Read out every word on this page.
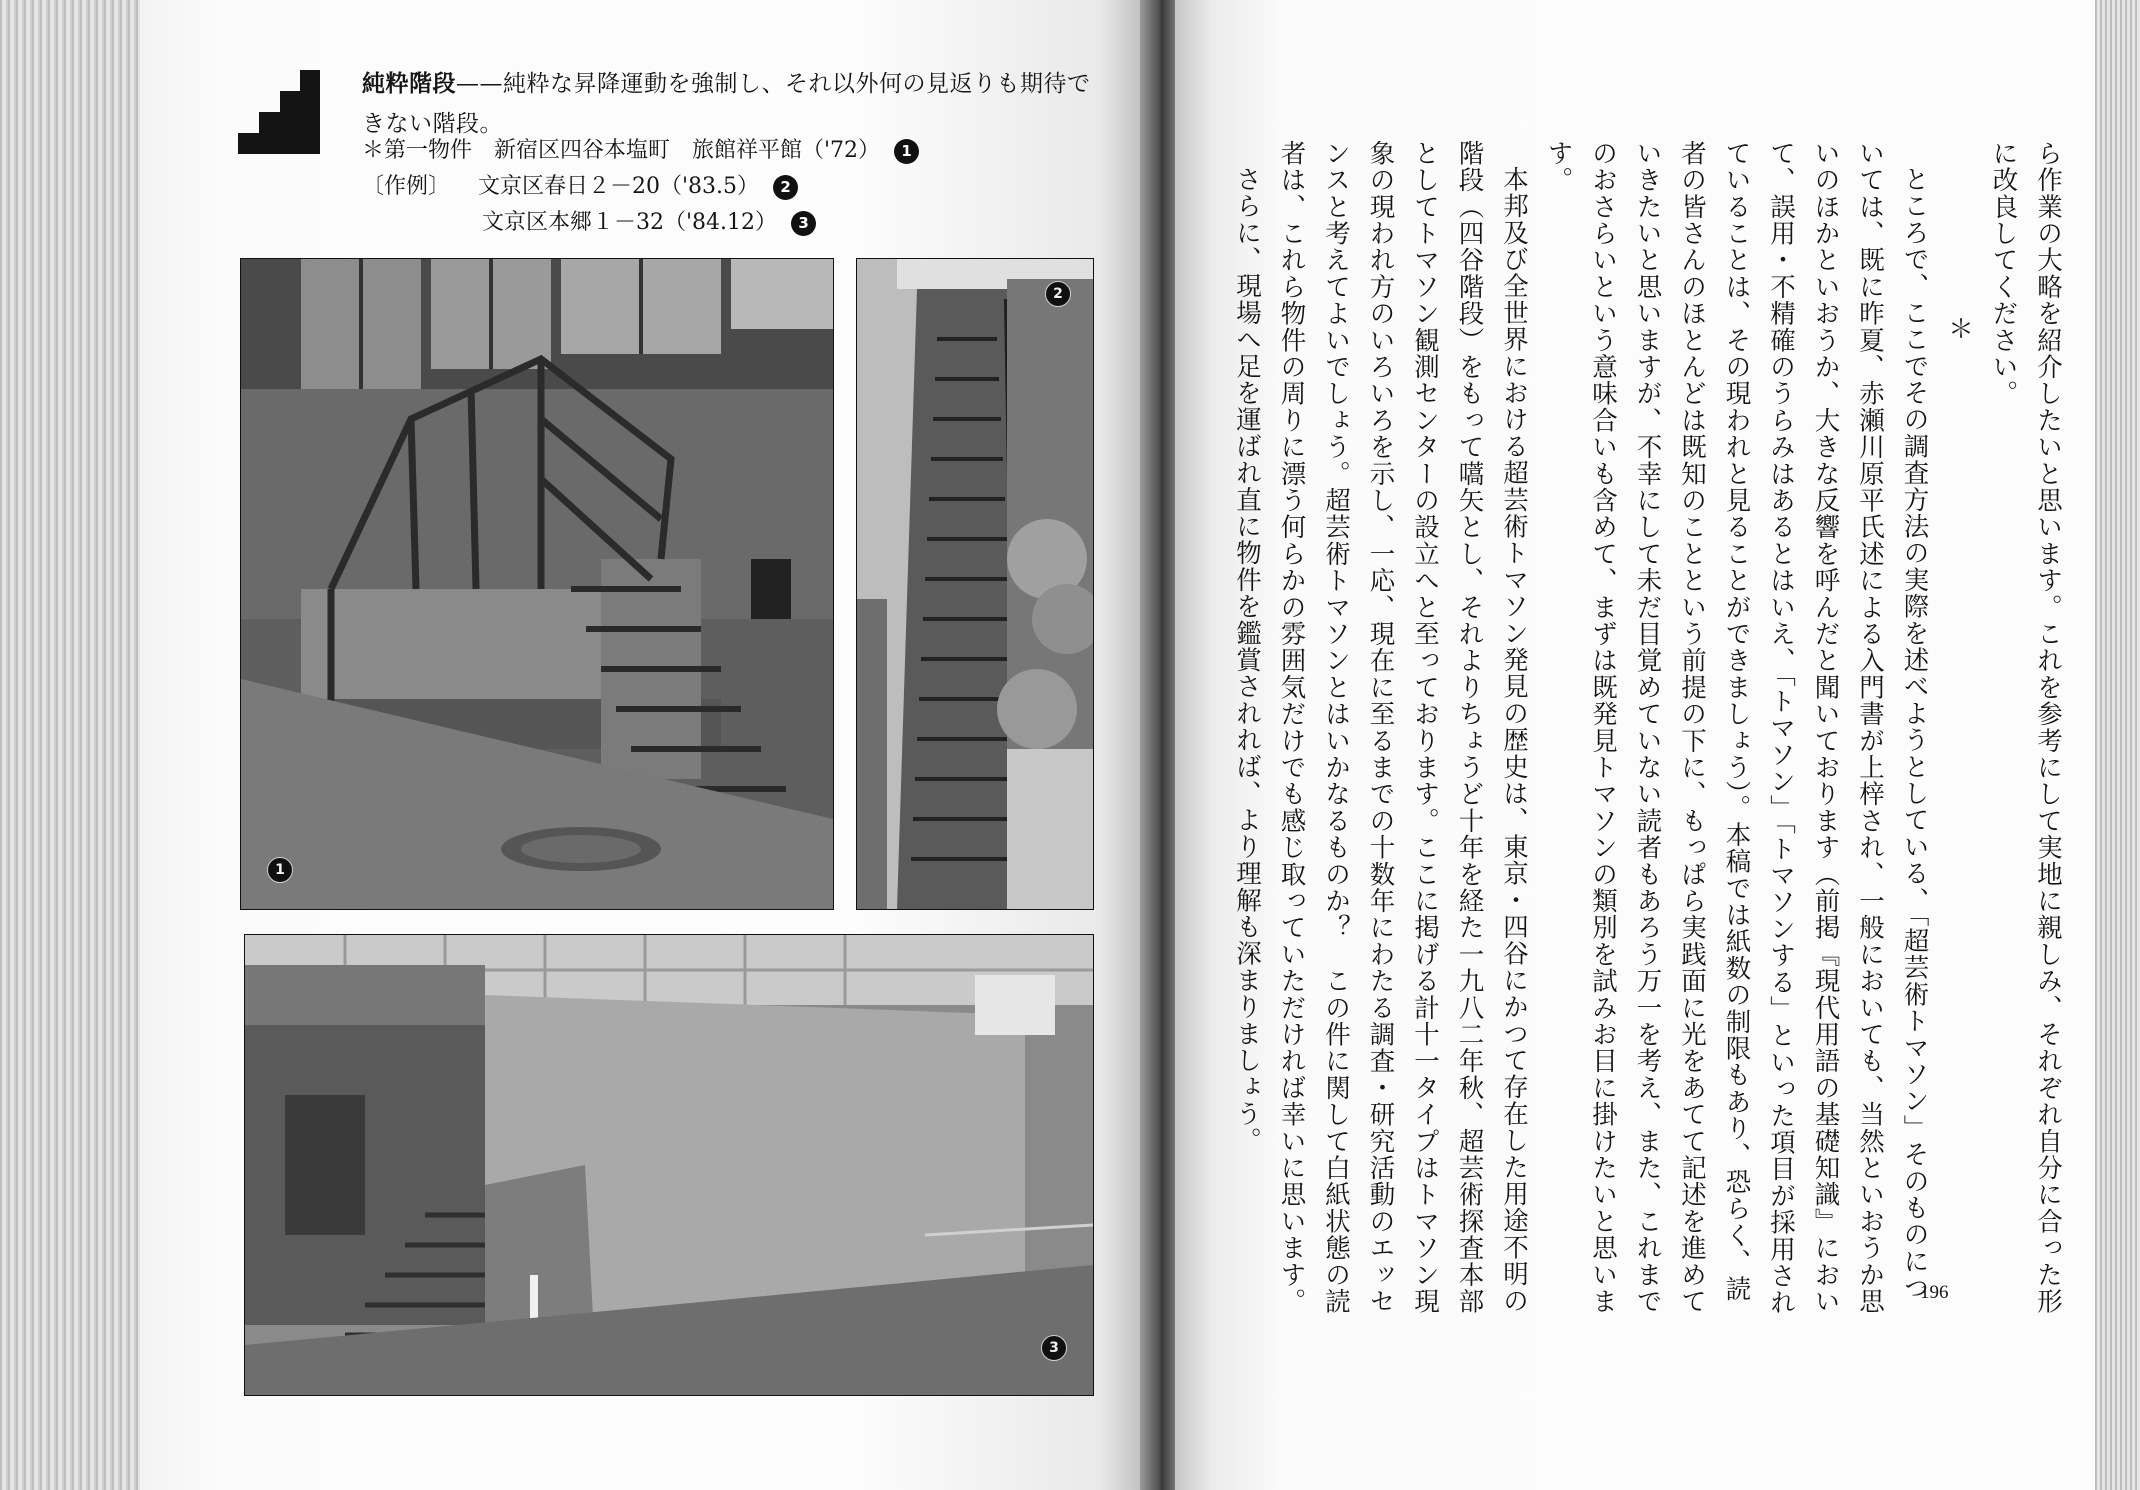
純粋階段——純粋な昇降運動を強制し、それ以外何の見返りも期待できない階段。
＊第一物件　新宿区四谷本塩町　旅館祥平館（'72） 1
〔作例〕 文京区春日２－20（'83.5） 2
文京区本郷１－32（'84.12） 3
1
2
3

ら作業の大略を紹介したいと思います。これを参考にして実地に親しみ、それぞれ自分に合った形に改良してください。

＊

ところで、ここでその調査方法の実際を述べようとしている、「超芸術トマソン」そのものについては、既に昨夏、赤瀬川原平氏述による入門書が上梓され、一般においても、当然といおうか思いのほかといおうか、大きな反響を呼んだと聞いております（前掲『現代用語の基礎知識』において、誤用・不精確のうらみはあるとはいえ、「トマソン」「トマソンする」といった項目が採用されていることは、その現われと見ることができましょう）。本稿では紙数の制限もあり、恐らく、読者の皆さんのほとんどは既知のことという前提の下に、もっぱら実践面に光をあてて記述を進めていきたいと思いますが、不幸にして未だ目覚めていない読者もあろう万一を考え、また、これまでのおさらいという意味合いも含めて、まずは既発見トマソンの類別を試みお目に掛けたいと思います。

本邦及び全世界における超芸術トマソン発見の歴史は、東京・四谷にかつて存在した用途不明の階段（四谷階段）をもって嚆矢とし、それよりちょうど十年を経た一九八二年秋、超芸術探査本部としてトマソン観測センターの設立へと至っております。ここに掲げる計十一タイプはトマソン現象の現われ方のいろいろを示し、一応、現在に至るまでの十数年にわたる調査・研究活動のエッセンスと考えてよいでしょう。超芸術トマソンとはいかなるものか？　この件に関して白紙状態の読者は、これら物件の周りに漂う何らかの雰囲気だけでも感じ取っていただければ幸いに思います。

さらに、現場へ足を運ばれ直に物件を鑑賞されれば、より理解も深まりましょう。

196
